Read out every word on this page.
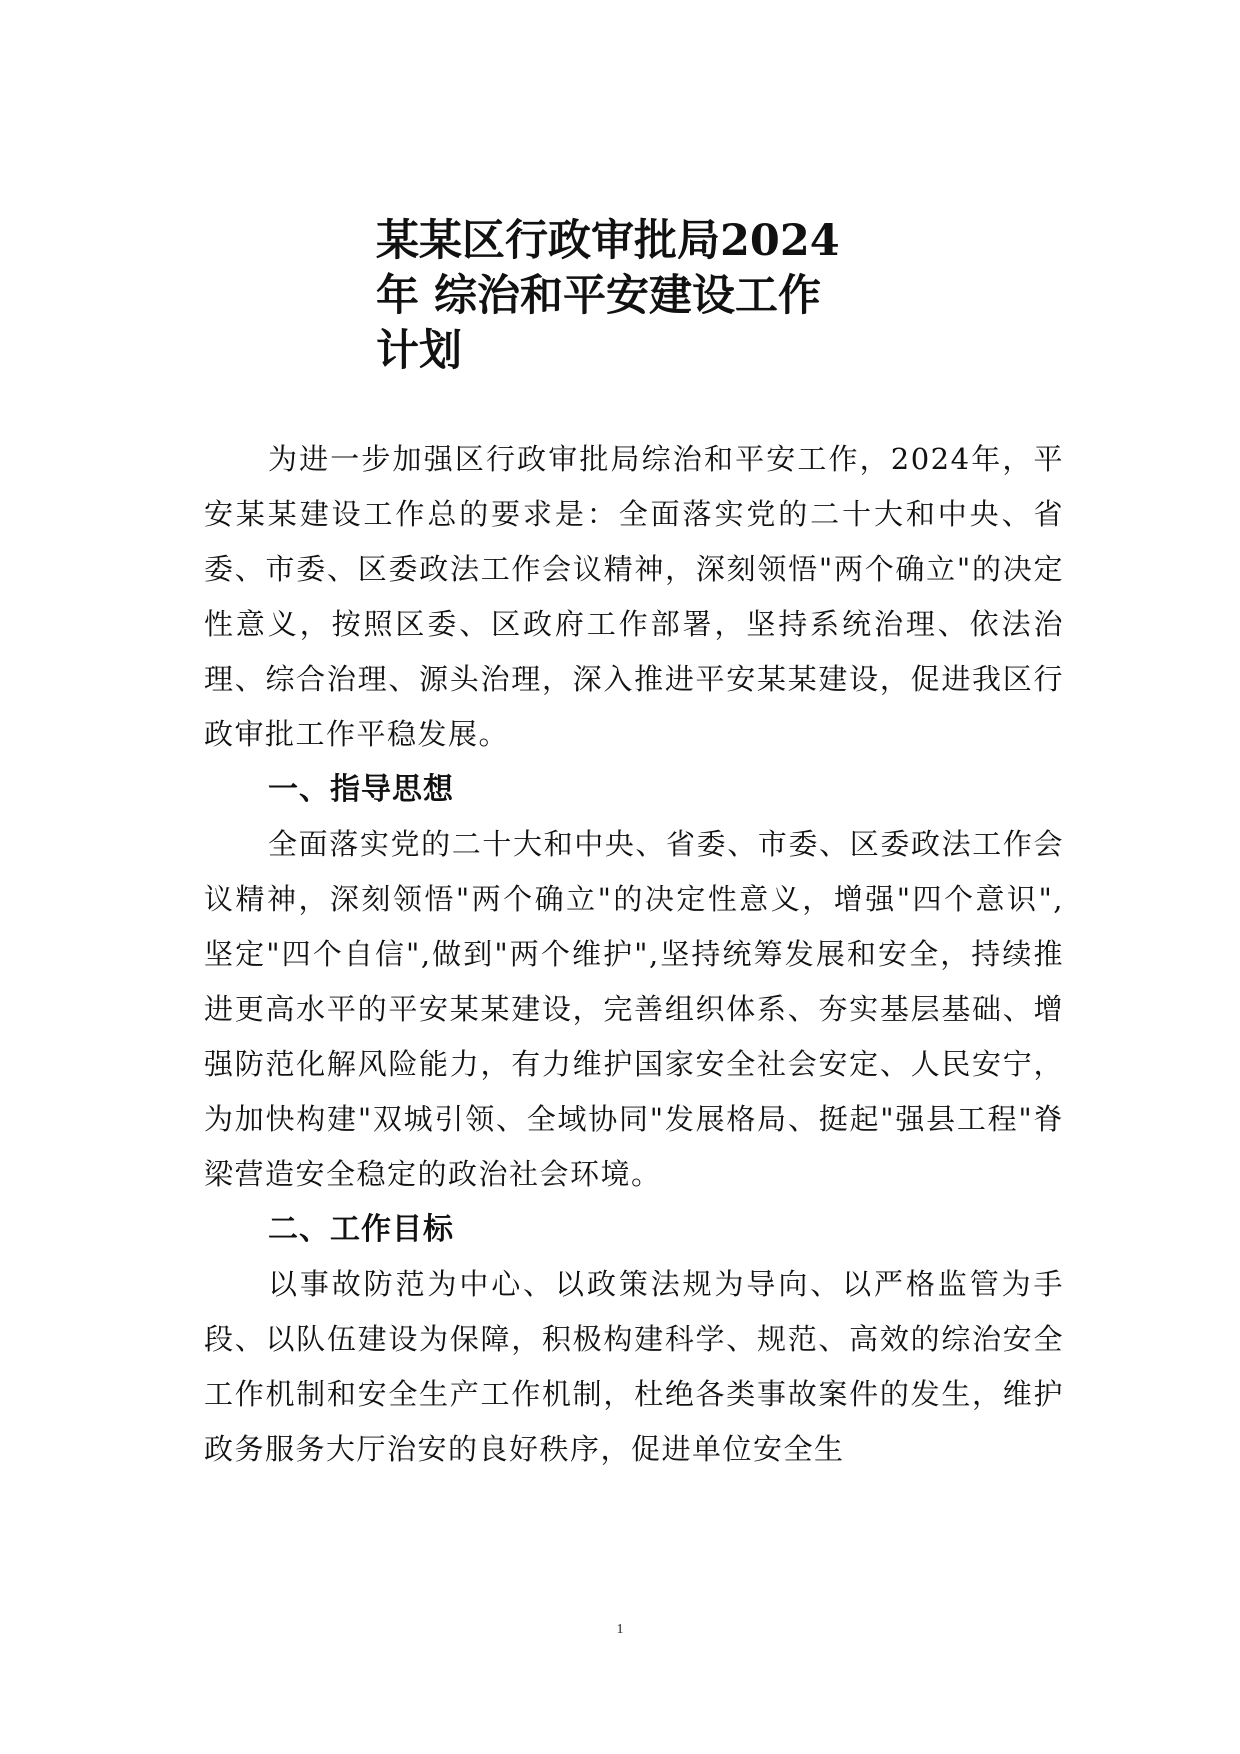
某某区行政审批局2024
年 综治和平安建设工作
计划

为进一步加强区行政审批局综治和平安工作，2024年，平安某某建设工作总的要求是：全面落实党的二十大和中央、省委、市委、区委政法工作会议精神，深刻领悟"两个确立"的决定性意义，按照区委、区政府工作部署，坚持系统治理、依法治理、综合治理、源头治理，深入推进平安某某建设，促进我区行政审批工作平稳发展。

一、指导思想

全面落实党的二十大和中央、省委、市委、区委政法工作会议精神，深刻领悟"两个确立"的决定性意义，增强"四个意识",坚定"四个自信",做到"两个维护",坚持统筹发展和安全，持续推进更高水平的平安某某建设，完善组织体系、夯实基层基础、增强防范化解风险能力，有力维护国家安全社会安定、人民安宁，为加快构建"双城引领、全域协同"发展格局、挺起"强县工程"脊梁营造安全稳定的政治社会环境。

二、工作目标

以事故防范为中心、以政策法规为导向、以严格监管为手段、以队伍建设为保障，积极构建科学、规范、高效的综治安全工作机制和安全生产工作机制，杜绝各类事故案件的发生，维护政务服务大厅治安的良好秩序，促进单位安全生

1
